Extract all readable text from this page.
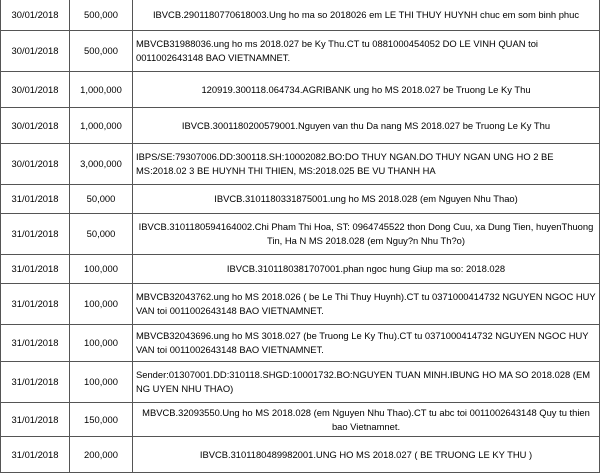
30/01/2018	500,000	IBVCB.2901180770618003.Ung ho ma so 2018026 em LE THI THUY HUYNH chuc em som binh phuc
30/01/2018	500,000	MBVCB31988036.ung ho ms 2018.027 be Ky Thu.CT tu 0881000454052 DO LE VINH QUAN toi 0011002643148 BAO VIETNAMNET.
30/01/2018	1,000,000	120919.300118.064734.AGRIBANK ung ho MS 2018.027 be Truong Le Ky Thu
30/01/2018	1,000,000	IBVCB.3001180200579001.Nguyen van thu Da nang MS 2018.027 be Truong Le Ky Thu
30/01/2018	3,000,000	IBPS/SE:79307006.DD:300118.SH:10002082.BO:DO THUY NGAN.DO THUY NGAN UNG HO 2 BE MS:2018.02 3 BE HUYNH THI THIEN, MS:2018.025 BE VU THANH HA
31/01/2018	50,000	IBVCB.3101180331875001.ung ho MS 2018.028 (em Nguyen Nhu Thao)
31/01/2018	50,000	IBVCB.3101180594164002.Chi Pham Thi Hoa, ST: 0964745522 thon Dong Cuu, xa Dung Tien, huyenThuong Tin, Ha N MS 2018.028 (em Nguy?n Nhu Th?o)
31/01/2018	100,000	IBVCB.3101180381707001.phan ngoc hung Giup ma so: 2018.028
31/01/2018	100,000	MBVCB32043762.ung ho MS 2018.026 ( be Le Thi Thuy Huynh).CT tu 0371000414732 NGUYEN NGOC HUY VAN toi 0011002643148 BAO VIETNAMNET.
31/01/2018	100,000	MBVCB32043696.ung ho MS 3018.027 (be Truong Le Ky Thu).CT tu 0371000414732 NGUYEN NGOC HUY VAN toi 0011002643148 BAO VIETNAMNET.
31/01/2018	100,000	Sender:01307001.DD:310118.SHGD:10001732.BO:NGUYEN TUAN MINH.IBUNG HO MA SO 2018.028 (EM NG UYEN NHU THAO)
31/01/2018	150,000	MBVCB.32093550.Ung ho MS 2018.028 (em Nguyen Nhu Thao).CT tu abc toi 0011002643148 Quy tu thien bao Vietnamnet.
31/01/2018	200,000	IBVCB.3101180489982001.UNG HO MS 2018.027 ( BE TRUONG LE KY THU )
